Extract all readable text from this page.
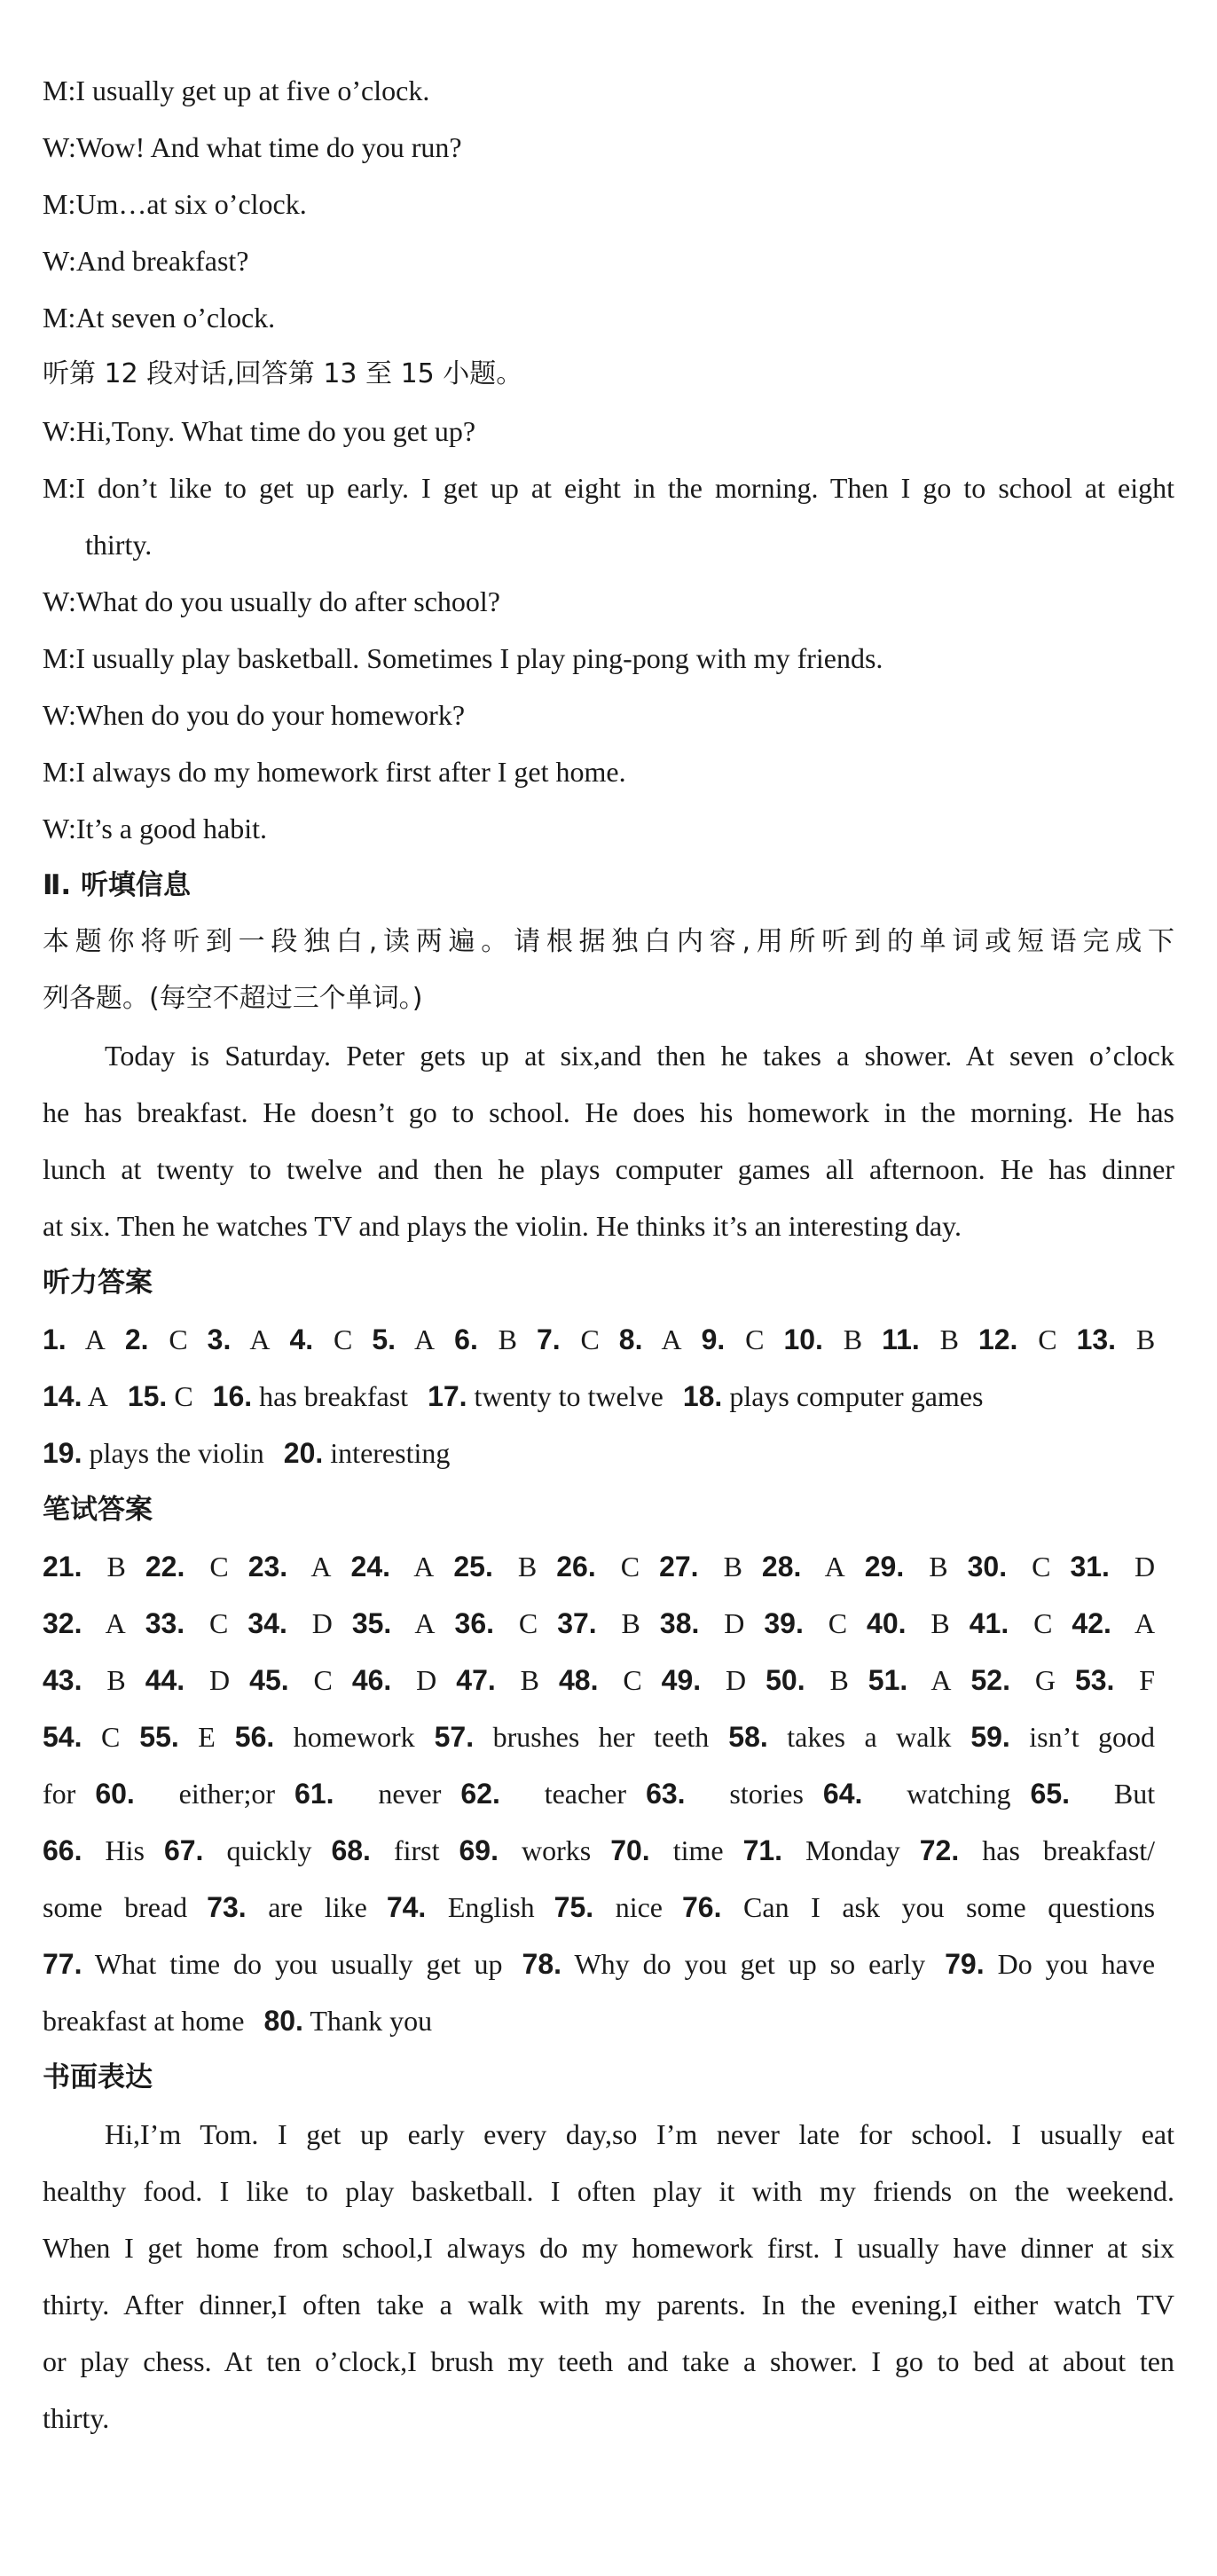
M:I usually get up at five o’clock.

W:Wow! And what time do you run?

M:Um…at six o’clock.

W:And breakfast?

M:At seven o’clock.

听第 12 段对话,回答第 13 至 15 小题。

W:Hi,Tony. What time do you get up?

M:I don’t like to get up early. I get up at eight in the morning. Then I go to school at eight

thirty.

W:What do you usually do after school?

M:I usually play basketball. Sometimes I play ping-pong with my friends.

W:When do you do your homework?

M:I always do my homework first after I get home.

W:It’s a good habit.

Ⅱ. 听填信息

本题你将听到一段独白,读两遍。请根据独白内容,用所听到的单词或短语完成下

列各题。(每空不超过三个单词。)

Today is Saturday. Peter gets up at six,and then he takes a shower. At seven o’clock

he has breakfast. He doesn’t go to school. He does his homework in the morning. He has

lunch at twenty to twelve and then he plays computer games all afternoon. He has dinner

at six. Then he watches TV and plays the violin. He thinks it’s an interesting day.

听力答案

1. A 2. C 3. A 4. C 5. A 6. B 7. C 8. A 9. C 10. B 11. B 12. C 13. B

14. A 15. C 16. has breakfast 17. twenty to twelve 18. plays computer games

19. plays the violin 20. interesting

笔试答案

21. B 22. C 23. A 24. A 25. B 26. C 27. B 28. A 29. B 30. C 31. D

32. A 33. C 34. D 35. A 36. C 37. B 38. D 39. C 40. B 41. C 42. A

43. B 44. D 45. C 46. D 47. B 48. C 49. D 50. B 51. A 52. G 53. F

54. C 55. E 56. homework 57. brushes her teeth 58. takes a walk 59. isn’t good

for 60. either;or 61. never 62. teacher 63. stories 64. watching 65. But

66. His 67. quickly 68. first 69. works 70. time 71. Monday 72. has breakfast/

some bread 73. are like 74. English 75. nice 76. Can I ask you some questions

77. What time do you usually get up 78. Why do you get up so early 79. Do you have

breakfast at home 80. Thank you

书面表达

Hi,I’m Tom. I get up early every day,so I’m never late for school. I usually eat

healthy food. I like to play basketball. I often play it with my friends on the weekend.

When I get home from school,I always do my homework first. I usually have dinner at six

thirty. After dinner,I often take a walk with my parents. In the evening,I either watch TV

or play chess. At ten o’clock,I brush my teeth and take a shower. I go to bed at about ten

thirty.
